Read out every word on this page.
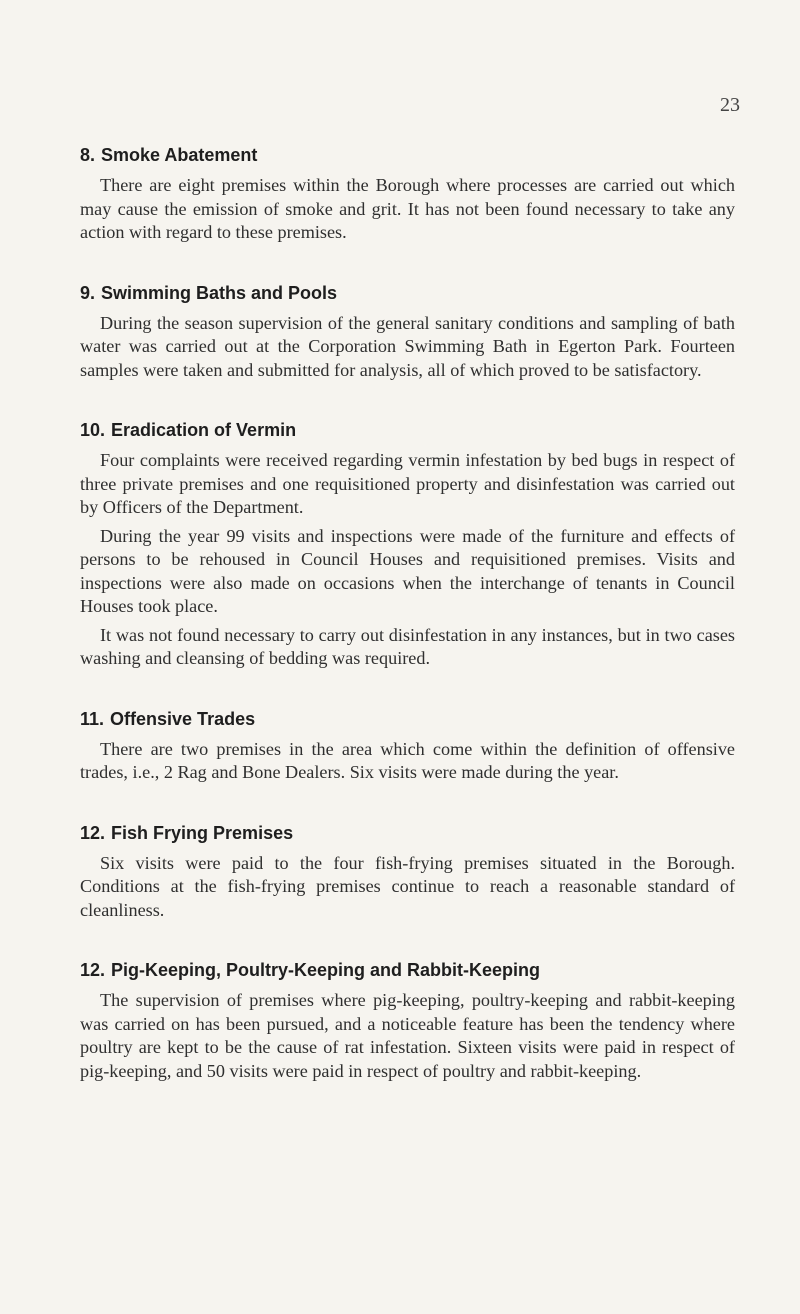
23
8. Smoke Abatement

There are eight premises within the Borough where processes are carried out which may cause the emission of smoke and grit. It has not been found necessary to take any action with regard to these premises.

9. Swimming Baths and Pools

During the season supervision of the general sanitary conditions and sampling of bath water was carried out at the Corporation Swimming Bath in Egerton Park. Fourteen samples were taken and submitted for analysis, all of which proved to be satisfactory.

10. Eradication of Vermin

Four complaints were received regarding vermin infestation by bed bugs in respect of three private premises and one requisitioned property and disinfestation was carried out by Officers of the Department.

During the year 99 visits and inspections were made of the furniture and effects of persons to be rehoused in Council Houses and requisitioned premises. Visits and inspections were also made on occasions when the interchange of tenants in Council Houses took place.

It was not found necessary to carry out disinfestation in any instances, but in two cases washing and cleansing of bedding was required.

11. Offensive Trades

There are two premises in the area which come within the definition of offensive trades, i.e., 2 Rag and Bone Dealers. Six visits were made during the year.

12. Fish Frying Premises

Six visits were paid to the four fish-frying premises situated in the Borough. Conditions at the fish-frying premises continue to reach a reasonable standard of cleanliness.

12. Pig-Keeping, Poultry-Keeping and Rabbit-Keeping

The supervision of premises where pig-keeping, poultry-keeping and rabbit-keeping was carried on has been pursued, and a noticeable feature has been the tendency where poultry are kept to be the cause of rat infestation. Sixteen visits were paid in respect of pig-keeping, and 50 visits were paid in respect of poultry and rabbit-keeping.
